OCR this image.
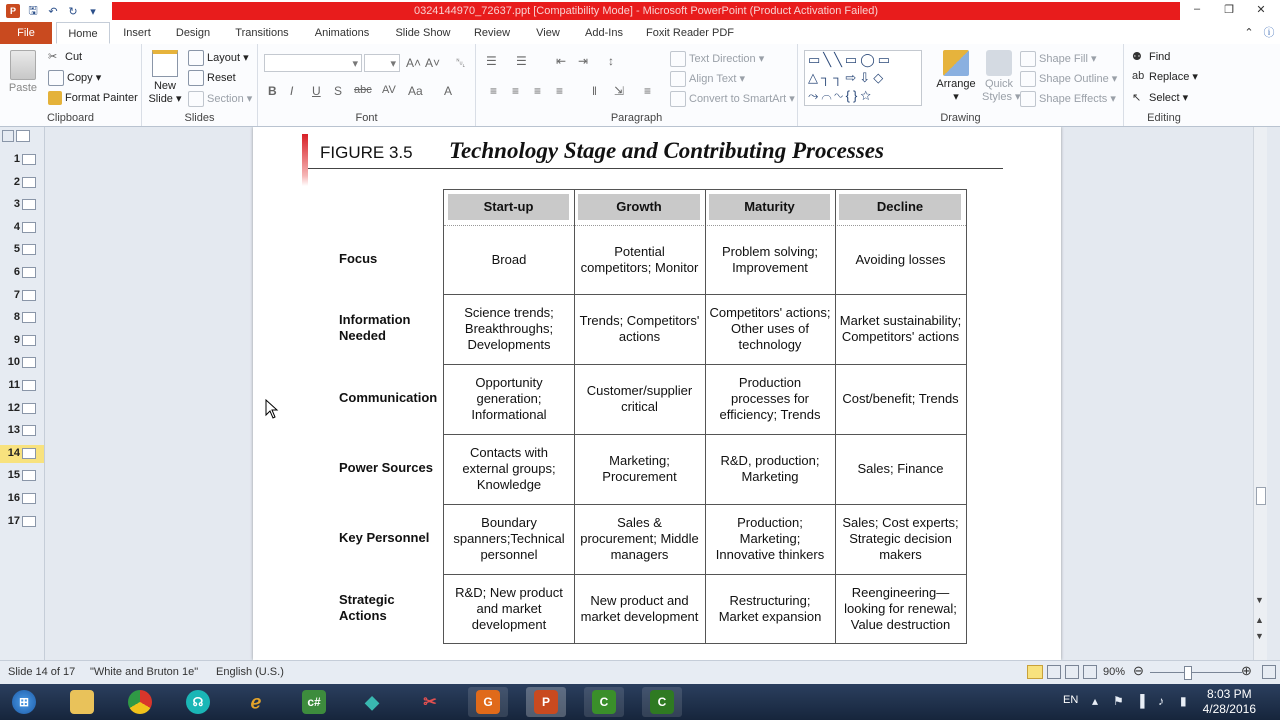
P	🖫 ↶ ↻	▾	0324144970_72637.ppt [Compatibility Mode] - Microsoft PowerPoint (Product Activation Failed)	–	❐	✕
File	Home	Insert	Design	Transitions	Animations	Slide Show	Review	View	Add-Ins	Foxit Reader PDF	⌃ ⓘ
Paste
✂ Cut
Copy ▾
Format Painter
Clipboard
New
Slide ▾
Layout ▾
Reset
Section ▾
Slides
▾	▾ A˄ A˅ ␀
B I U S abc AV Aa A
Font
☰ ☰ ⇤ ⇥ ↕
≡ ≡ ≡ ≡ ‖ ⇲ ≡
Text Direction ▾
Align Text ▾
Convert to SmartArt ▾
Paragraph
▭╲╲▭◯▭
△┐┐⇨⇩◇
⤳⌒∿{}☆
Arrange
▾
Quick
Styles ▾
Shape Fill ▾
Shape Outline ▾
Shape Effects ▾
Drawing
⚉ Find
ab Replace ▾
↖ Select ▾
Editing
1
2
3
4
5
6
7
8
9
10
11
12
13
14
15
16
17
FIGURE 3.5 Technology Stage and Contributing Processes
Focus
Information Needed
Communication
Power Sources
Key Personnel
Strategic Actions
Start-up	Growth	Maturity	Decline
Broad
Potential competitors; Monitor
Problem solving; Improvement
Avoiding losses
Science trends; Breakthroughs; Developments
Trends; Competitors' actions
Competitors' actions; Other uses of technology
Market sustainability; Competitors' actions
Opportunity generation; Informational
Customer/supplier critical
Production processes for efficiency; Trends
Cost/benefit; Trends
Contacts with external groups; Knowledge
Marketing; Procurement
R&D, production; Marketing
Sales; Finance
Boundary spanners;Technical personnel
Sales & procurement; Middle managers
Production; Marketing; Innovative thinkers
Sales; Cost experts; Strategic decision makers
R&D; New product and market development
New product and market development
Restructuring; Market expansion
Reengineering—looking for renewal; Value destruction
▼
▲
▼
Slide 14 of 17 "White and Bruton 1e" English (U.S.)	90% ⊖	⊕
⊞	☊	ℯ	c# ◆	✂	G	P	C	C	EN ▴ ⚑ ▐ ♪ ▮	8:03 PM
4/28/2016
